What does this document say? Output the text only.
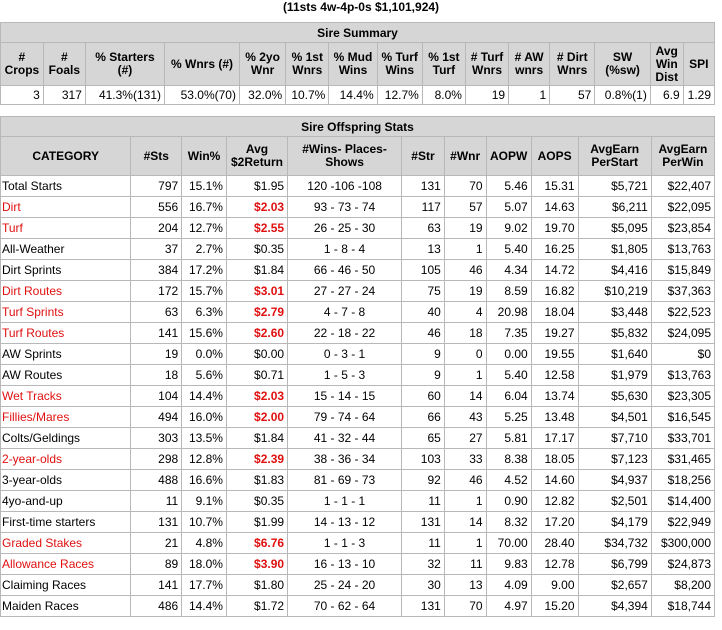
(11sts 4w-4p-0s $1,101,924)
Sire Summary														
# Crops	# Foals	% Starters (#)	% Wnrs (#)	% 2yo Wnr	% 1st Wnrs	% Mud Wins	% Turf Wins	% 1st Turf	# Turf Wnrs	# AW wnrs	# Dirt Wnrs	SW (%sw)	Avg Win Dist	SPI
3	317	41.3%(131)	53.0%(70)	32.0%	10.7%	14.4%	12.7%	8.0%	19	1	57	0.8%(1)	6.9	1.29
Sire Offspring Stats										
CATEGORY	#Sts	Win%	Avg $2Return	#Wins- Places- Shows	#Str	#Wnr	AOPW	AOPS	AvgEarn PerStart	AvgEarn PerWin
Total Starts	797	15.1%	$1.95	120 -106 -108	131	70	5.46	15.31	$5,721	$22,407
Dirt	556	16.7%	$2.03	93 - 73 - 74	117	57	5.07	14.63	$6,211	$22,095
Turf	204	12.7%	$2.55	26 - 25 - 30	63	19	9.02	19.70	$5,095	$23,854
All-Weather	37	2.7%	$0.35	1 - 8 - 4	13	1	5.40	16.25	$1,805	$13,763
Dirt Sprints	384	17.2%	$1.84	66 - 46 - 50	105	46	4.34	14.72	$4,416	$15,849
Dirt Routes	172	15.7%	$3.01	27 - 27 - 24	75	19	8.59	16.82	$10,219	$37,363
Turf Sprints	63	6.3%	$2.79	4 - 7 - 8	40	4	20.98	18.04	$3,448	$22,523
Turf Routes	141	15.6%	$2.60	22 - 18 - 22	46	18	7.35	19.27	$5,832	$24,095
AW Sprints	19	0.0%	$0.00	0 - 3 - 1	9	0	0.00	19.55	$1,640	$0
AW Routes	18	5.6%	$0.71	1 - 5 - 3	9	1	5.40	12.58	$1,979	$13,763
Wet Tracks	104	14.4%	$2.03	15 - 14 - 15	60	14	6.04	13.74	$5,630	$23,305
Fillies/Mares	494	16.0%	$2.00	79 - 74 - 64	66	43	5.25	13.48	$4,501	$16,545
Colts/Geldings	303	13.5%	$1.84	41 - 32 - 44	65	27	5.81	17.17	$7,710	$33,701
2-year-olds	298	12.8%	$2.39	38 - 36 - 34	103	33	8.38	18.05	$7,123	$31,465
3-year-olds	488	16.6%	$1.83	81 - 69 - 73	92	46	4.52	14.60	$4,937	$18,256
4yo-and-up	11	9.1%	$0.35	1 - 1 - 1	11	1	0.90	12.82	$2,501	$14,400
First-time starters	131	10.7%	$1.99	14 - 13 - 12	131	14	8.32	17.20	$4,179	$22,949
Graded Stakes	21	4.8%	$6.76	1 - 1 - 3	11	1	70.00	28.40	$34,732	$300,000
Allowance Races	89	18.0%	$3.90	16 - 13 - 10	32	11	9.83	12.78	$6,799	$24,873
Claiming Races	141	17.7%	$1.80	25 - 24 - 20	30	13	4.09	9.00	$2,657	$8,200
Maiden Races	486	14.4%	$1.72	70 - 62 - 64	131	70	4.97	15.20	$4,394	$18,744
